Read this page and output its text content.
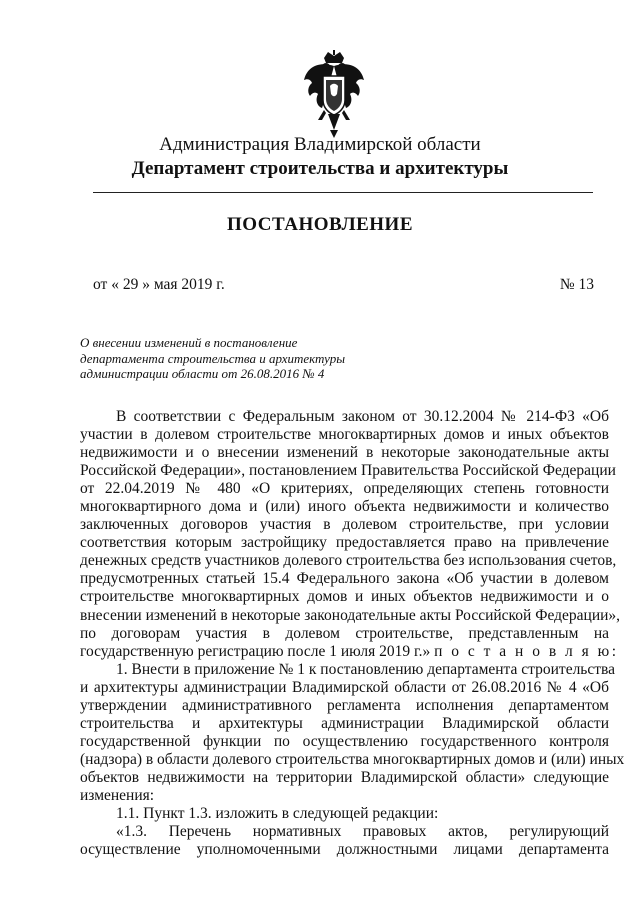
Администрация Владимирской области
Департамент строительства и архитектуры
ПОСТАНОВЛЕНИЕ
от « 29 » мая 2019 г.	№ 13
О внесении изменений в постановление
департамента строительства и архитектуры
администрации области от 26.08.2016 № 4
В соответствии с Федеральным законом от 30.12.2004 № 214-ФЗ «Об
участии в долевом строительстве многоквартирных домов и иных объектов
недвижимости и о внесении изменений в некоторые законодательные акты
Российской Федерации», постановлением Правительства Российской Федерации
от 22.04.2019 № 480 «О критериях, определяющих степень готовности
многоквартирного дома и (или) иного объекта недвижимости и количество
заключенных договоров участия в долевом строительстве, при условии
соответствия которым застройщику предоставляется право на привлечение
денежных средств участников долевого строительства без использования счетов,
предусмотренных статьей 15.4 Федерального закона «Об участии в долевом
строительстве многоквартирных домов и иных объектов недвижимости и о
внесении изменений в некоторые законодательные акты Российской Федерации»,
по договорам участия в долевом строительстве, представленным на
государственную регистрацию после 1 июля 2019 г.» п о с т а н о в л я ю:
1. Внести в приложение № 1 к постановлению департамента строительства
и архитектуры администрации Владимирской области от 26.08.2016 № 4 «Об
утверждении административного регламента исполнения департаментом
строительства и архитектуры администрации Владимирской области
государственной функции по осуществлению государственного контроля
(надзора) в области долевого строительства многоквартирных домов и (или) иных
объектов недвижимости на территории Владимирской области» следующие
изменения:
1.1. Пункт 1.3. изложить в следующей редакции:
«1.3. Перечень нормативных правовых актов, регулирующий
осуществление уполномоченными должностными лицами департамента
